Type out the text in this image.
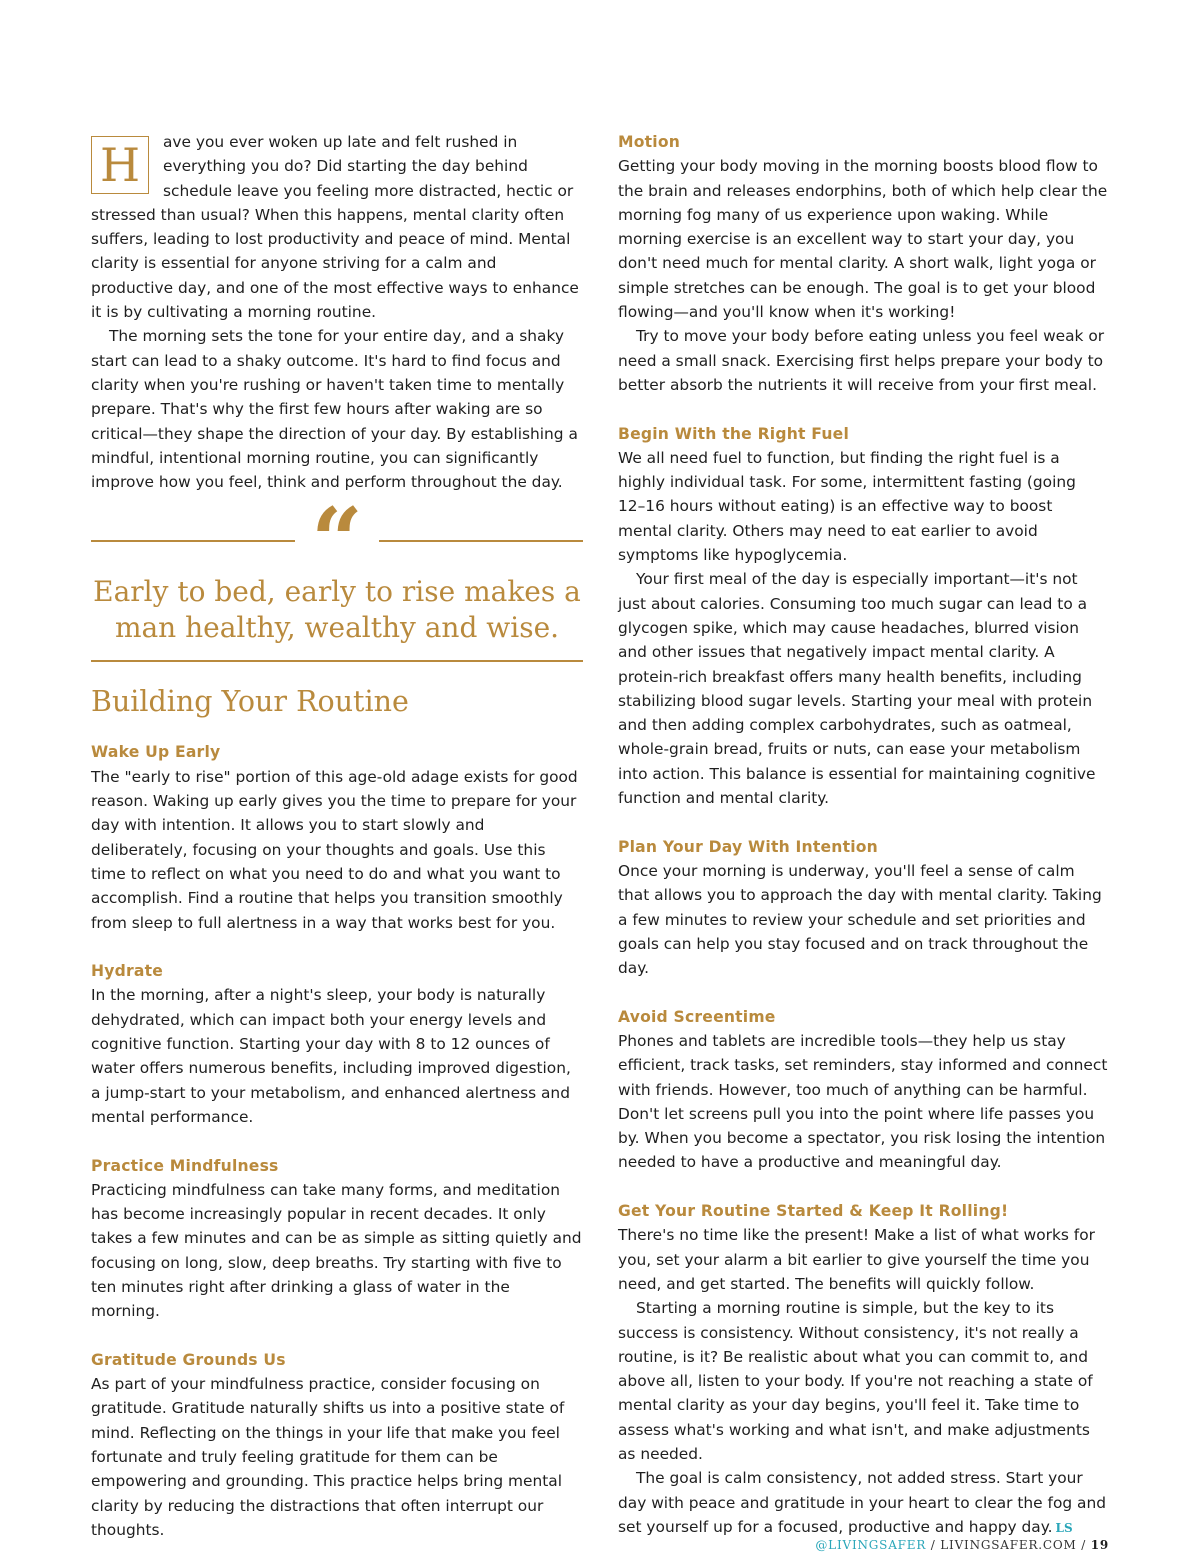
H	ave you ever woken up late and felt rushed in everything you do? Did starting the day behind schedule leave you feeling more distracted, hectic or stressed than usual? When this happens, mental clarity often suffers, leading to lost productivity and peace of mind. Mental clarity is essential for anyone striving for a calm and productive day, and one of the most effective ways to enhance it is by cultivating a morning routine.

The morning sets the tone for your entire day, and a shaky start can lead to a shaky outcome. It's hard to find focus and clarity when you're rushing or haven't taken time to mentally prepare. That's why the first few hours after waking are so critical—they shape the direction of your day. By establishing a mindful, intentional morning routine, you can significantly improve how you feel, think and perform throughout the day.

“
Early to bed, early to rise makes a man healthy, wealthy and wise.
Building Your Routine
Wake Up Early

The "early to rise" portion of this age-old adage exists for good reason. Waking up early gives you the time to prepare for your day with intention. It allows you to start slowly and deliberately, focusing on your thoughts and goals. Use this time to reflect on what you need to do and what you want to accomplish. Find a routine that helps you transition smoothly from sleep to full alertness in a way that works best for you.

Hydrate

In the morning, after a night's sleep, your body is naturally dehydrated, which can impact both your energy levels and cognitive function. Starting your day with 8 to 12 ounces of water offers numerous benefits, including improved digestion, a jump-start to your metabolism, and enhanced alertness and mental performance.

Practice Mindfulness

Practicing mindfulness can take many forms, and meditation has become increasingly popular in recent decades. It only takes a few minutes and can be as simple as sitting quietly and focusing on long, slow, deep breaths. Try starting with five to ten minutes right after drinking a glass of water in the morning.

Gratitude Grounds Us

As part of your mindfulness practice, consider focusing on gratitude. Gratitude naturally shifts us into a positive state of mind. Reflecting on the things in your life that make you feel fortunate and truly feeling gratitude for them can be empowering and grounding. This practice helps bring mental clarity by reducing the distractions that often interrupt our thoughts.

Motion

Getting your body moving in the morning boosts blood flow to the brain and releases endorphins, both of which help clear the morning fog many of us experience upon waking. While morning exercise is an excellent way to start your day, you don't need much for mental clarity. A short walk, light yoga or simple stretches can be enough. The goal is to get your blood flowing—and you'll know when it's working!

Try to move your body before eating unless you feel weak or need a small snack. Exercising first helps prepare your body to better absorb the nutrients it will receive from your first meal.

Begin With the Right Fuel

We all need fuel to function, but finding the right fuel is a highly individual task. For some, intermittent fasting (going 12–16 hours without eating) is an effective way to boost mental clarity. Others may need to eat earlier to avoid symptoms like hypoglycemia.

Your first meal of the day is especially important—it's not just about calories. Consuming too much sugar can lead to a glycogen spike, which may cause headaches, blurred vision and other issues that negatively impact mental clarity. A protein-rich breakfast offers many health benefits, including stabilizing blood sugar levels. Starting your meal with protein and then adding complex carbohydrates, such as oatmeal, whole-grain bread, fruits or nuts, can ease your metabolism into action. This balance is essential for maintaining cognitive function and mental clarity.

Plan Your Day With Intention

Once your morning is underway, you'll feel a sense of calm that allows you to approach the day with mental clarity. Taking a few minutes to review your schedule and set priorities and goals can help you stay focused and on track throughout the day.

Avoid Screentime

Phones and tablets are incredible tools—they help us stay efficient, track tasks, set reminders, stay informed and connect with friends. However, too much of anything can be harmful. Don't let screens pull you into the point where life passes you by. When you become a spectator, you risk losing the intention needed to have a productive and meaningful day.

Get Your Routine Started & Keep It Rolling!

There's no time like the present! Make a list of what works for you, set your alarm a bit earlier to give yourself the time you need, and get started. The benefits will quickly follow.

Starting a morning routine is simple, but the key to its success is consistency. Without consistency, it's not really a routine, is it? Be realistic about what you can commit to, and above all, listen to your body. If you're not reaching a state of mental clarity as your day begins, you'll feel it. Take time to assess what's working and what isn't, and make adjustments as needed.

The goal is calm consistency, not added stress. Start your day with peace and gratitude in your heart to clear the fog and set yourself up for a focused, productive and happy day. LS

@LIVINGSAFER / LIVINGSAFER.COM / 19
